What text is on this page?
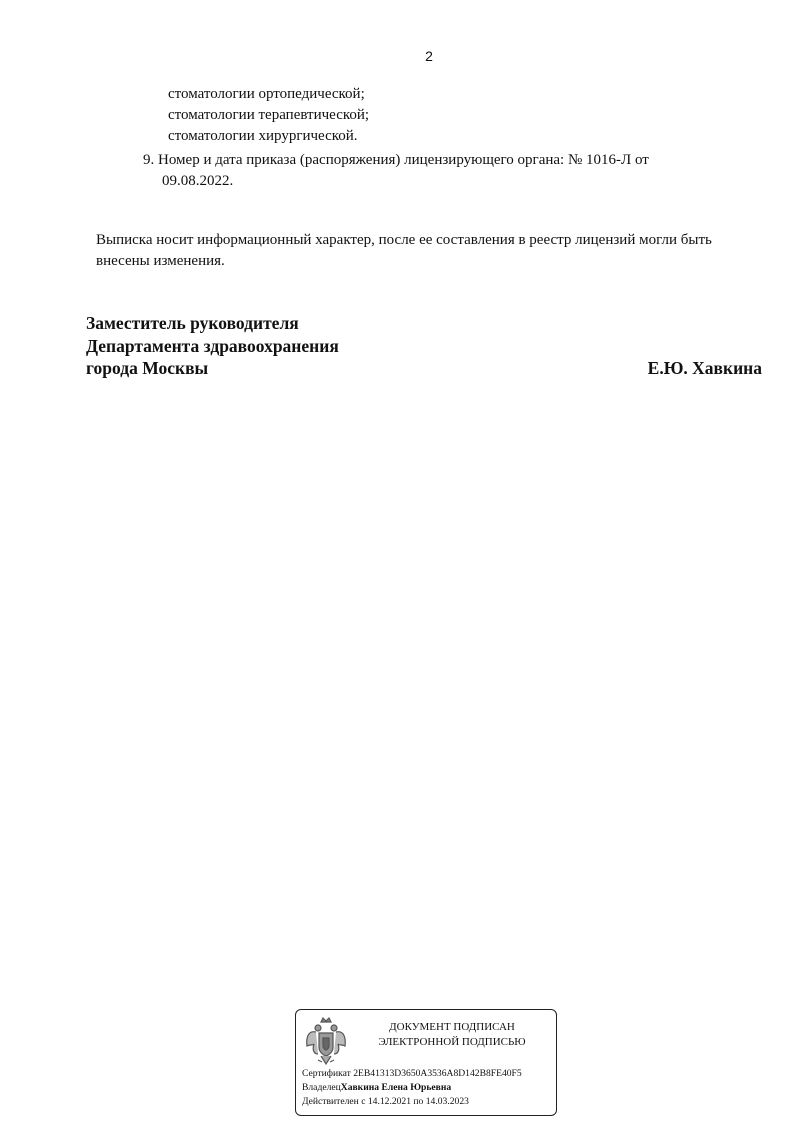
2
стоматологии ортопедической;
стоматологии терапевтической;
стоматологии хирургической.
9. Номер и дата приказа (распоряжения) лицензирующего органа: № 1016-Л от
09.08.2022.
Выписка носит информационный характер, после ее составления в реестр лицензий могли быть
внесены изменения.
Заместитель руководителя
Департамента здравоохранения
города Москвы	Е.Ю. Хавкина
ДОКУМЕНТ ПОДПИСАН
ЭЛЕКТРОННОЙ ПОДПИСЬЮ
Сертификат 2EB41313D3650A3536A8D142B8FE40F5
ВладелецХавкина Елена Юрьевна
Действителен с 14.12.2021 по 14.03.2023
